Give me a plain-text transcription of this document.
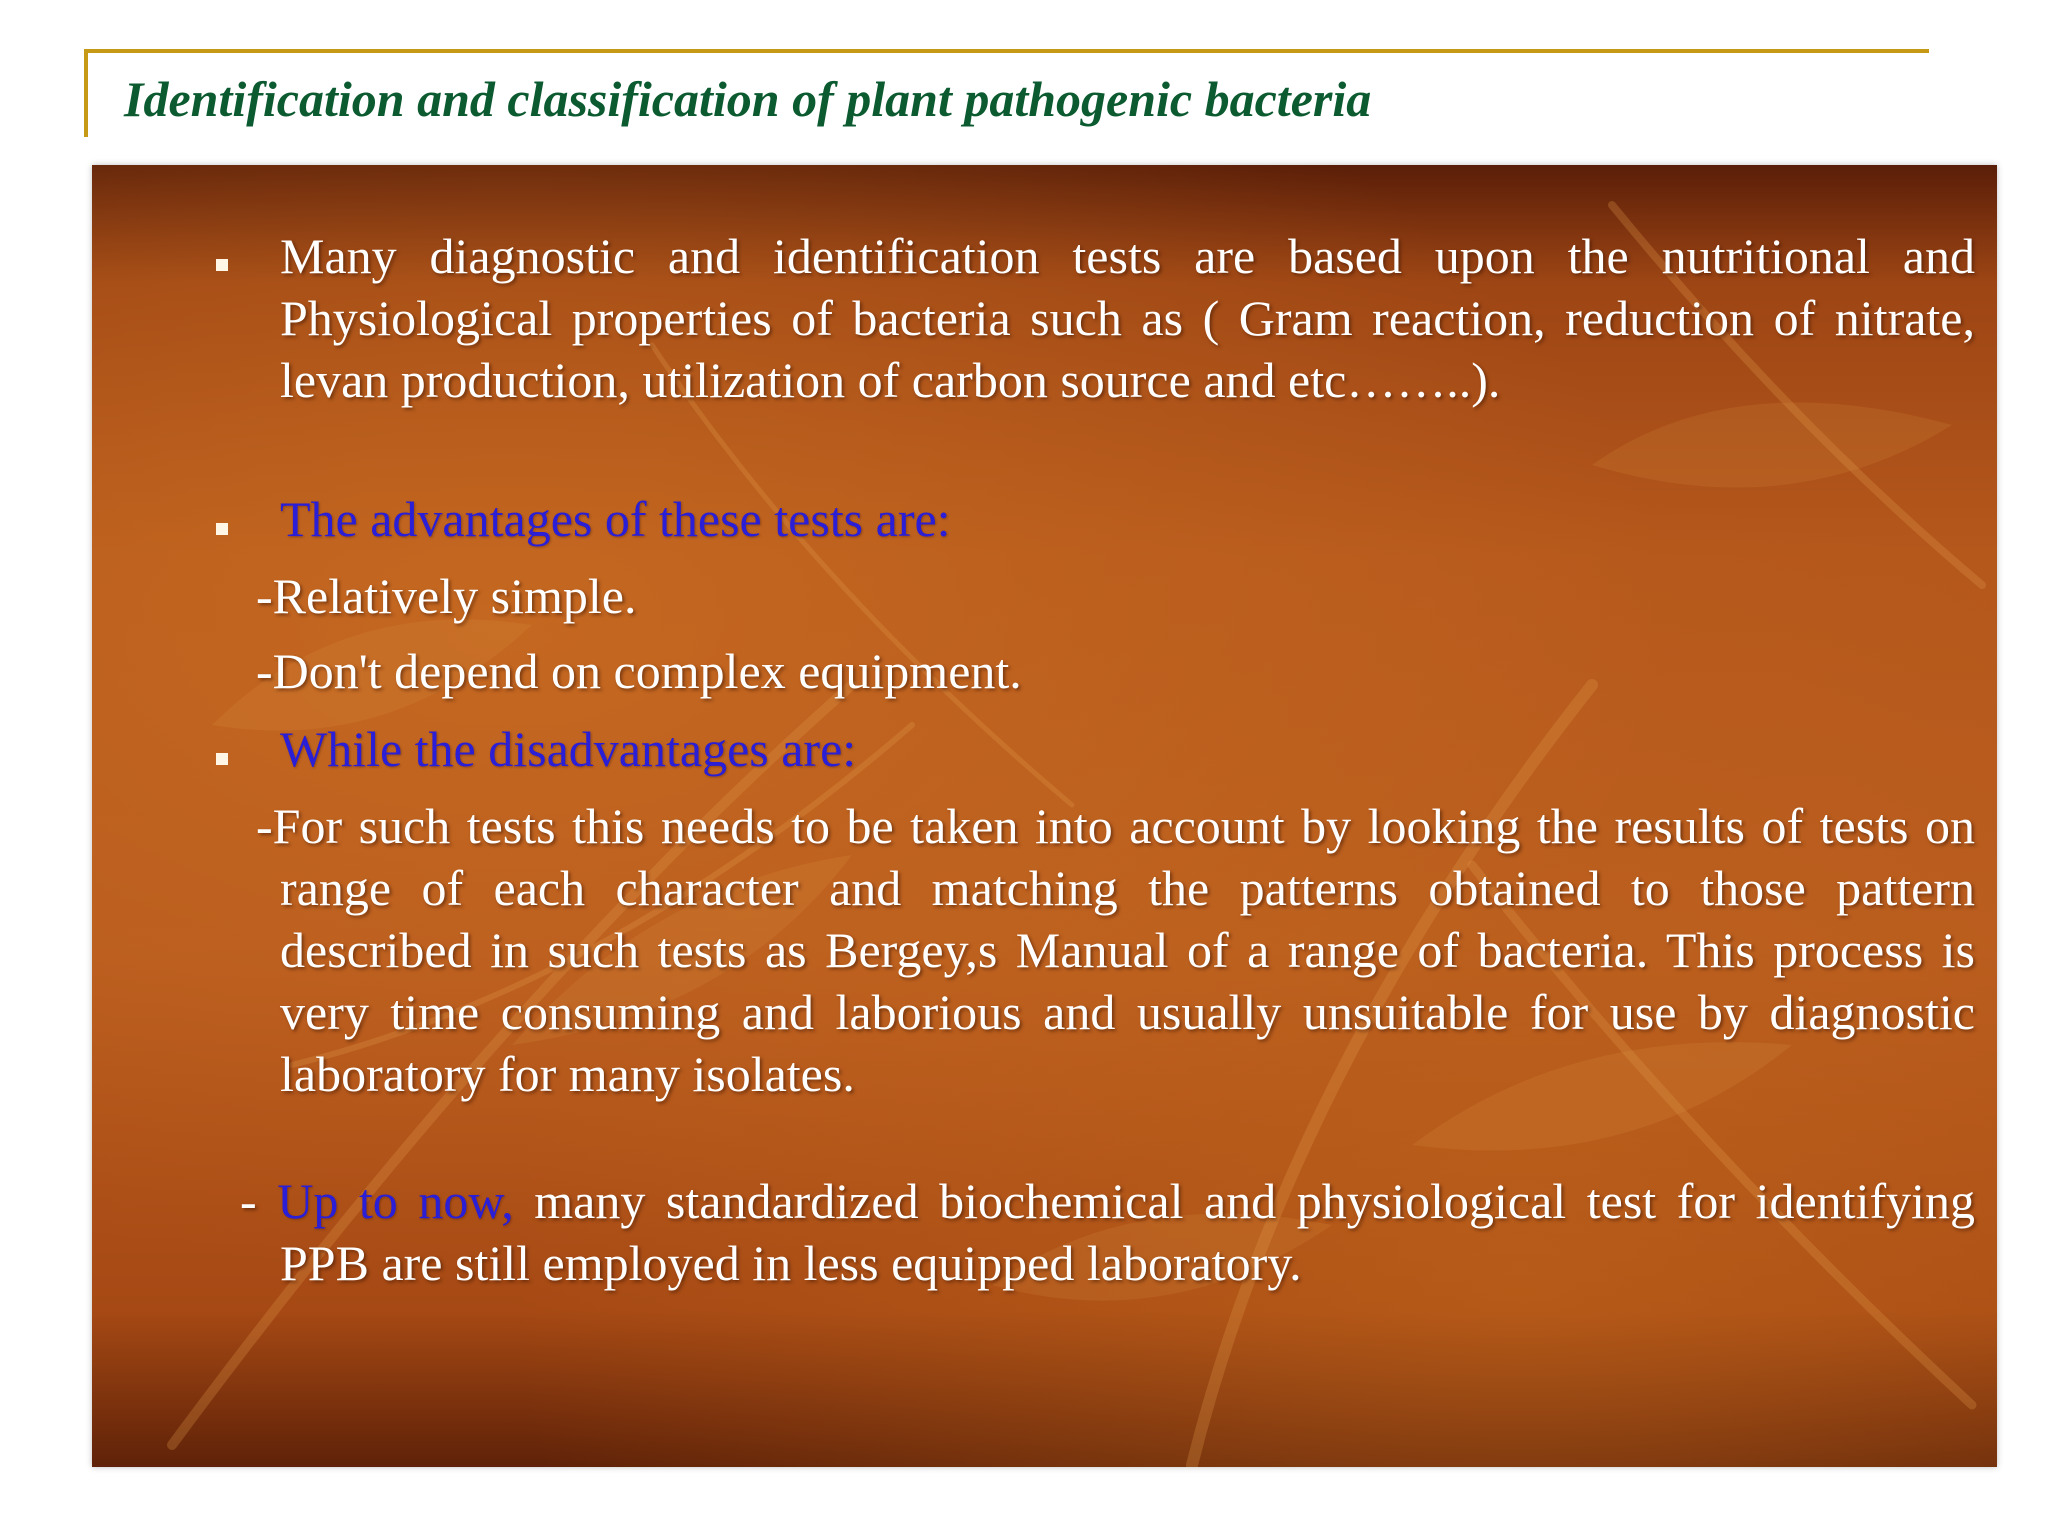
Identification and classification of plant pathogenic bacteria
Many diagnostic and identification tests are based upon the nutritional and Physiological properties of bacteria such as ( Gram reaction, reduction of nitrate, levan production, utilization of carbon source and etc……..).
The advantages of these tests are:
-Relatively simple.
-Don't depend on complex equipment.
While the disadvantages are:
-For such tests this needs to be taken into account by looking the results of tests on range of each character and matching the patterns obtained to those pattern described in such tests as Bergey,s Manual of a range of bacteria. This process is very time consuming and laborious and usually unsuitable for use by diagnostic laboratory for many isolates.
- Up to now, many standardized biochemical and physiological test for identifying PPB are still employed in less equipped laboratory.
